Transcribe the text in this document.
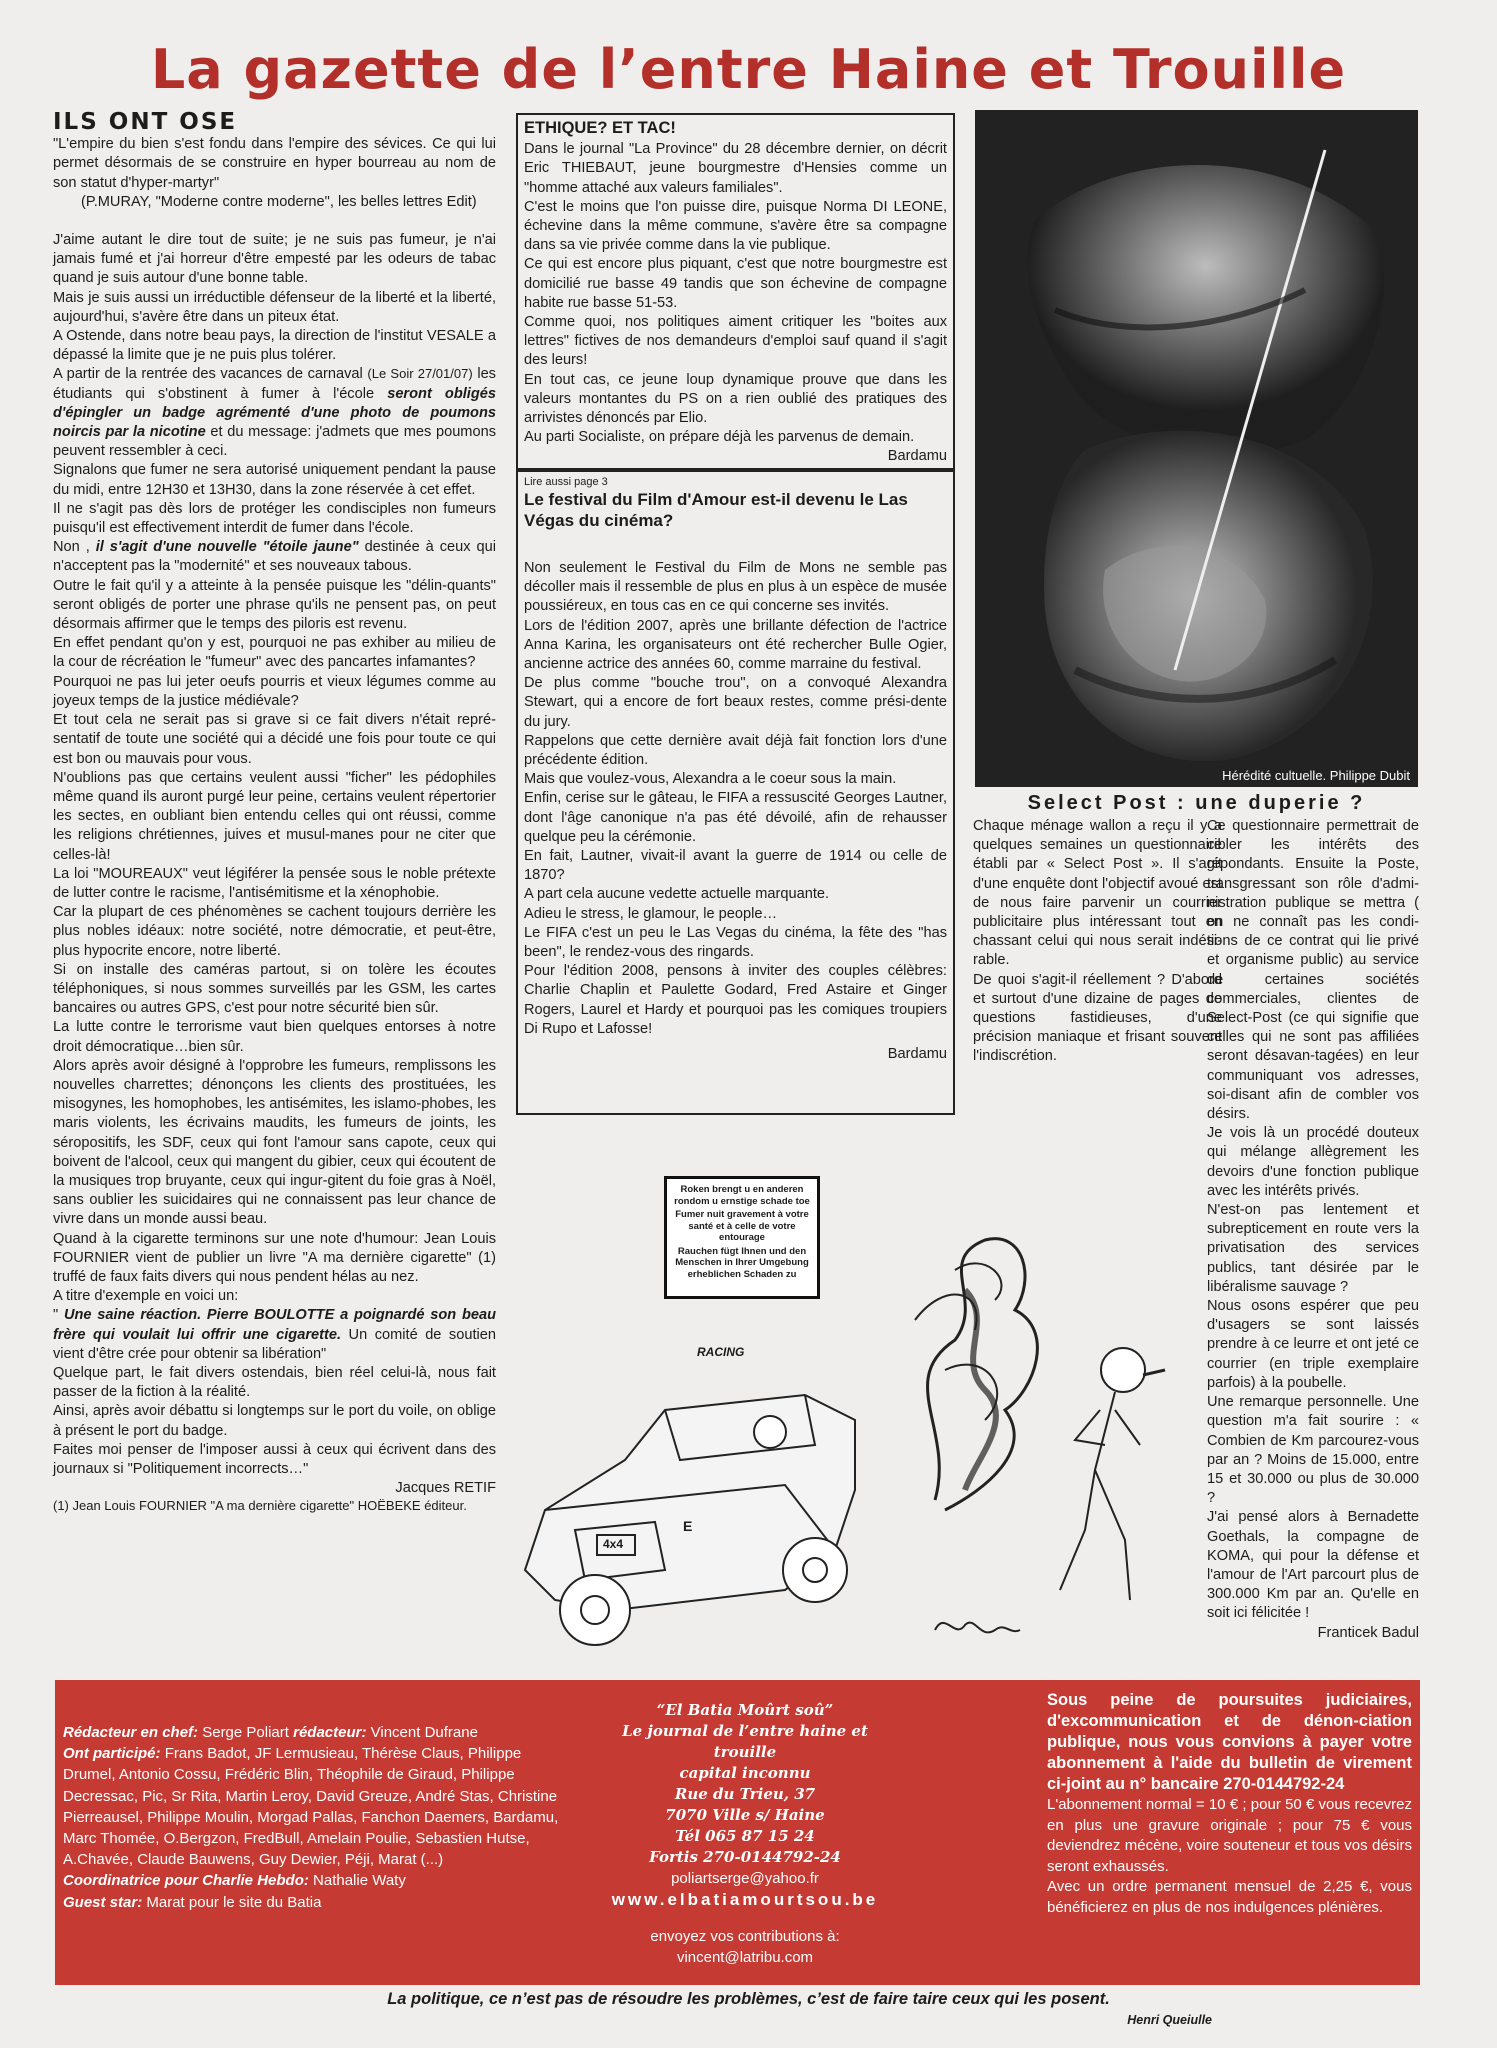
La gazette de l’entre Haine et Trouille
ILS ONT OSE

"L'empire du bien s'est fondu dans l'empire des sévices. Ce qui lui permet désormais de se construire en hyper bourreau au nom de son statut d'hyper-martyr"

(P.MURAY, "Moderne contre moderne", les belles lettres Edit)

J'aime autant le dire tout de suite; je ne suis pas fumeur, je n'ai jamais fumé et j'ai horreur d'être empesté par les odeurs de tabac quand je suis autour d'une bonne table.

Mais je suis aussi un irréductible défenseur de la liberté et la liberté, aujourd'hui, s'avère être dans un piteux état.

A Ostende, dans notre beau pays, la direction de l'institut VESALE a dépassé la limite que je ne puis plus tolérer.

A partir de la rentrée des vacances de carnaval (Le Soir 27/01/07) les étudiants qui s'obstinent à fumer à l'école seront obligés d'épingler un badge agrémenté d'une photo de poumons noircis par la nicotine et du message: j'admets que mes poumons peuvent ressembler à ceci.

Signalons que fumer ne sera autorisé uniquement pendant la pause du midi, entre 12H30 et 13H30, dans la zone réservée à cet effet.

Il ne s'agit pas dès lors de protéger les condisciples non fumeurs puisqu'il est effectivement interdit de fumer dans l'école.

Non , il s'agit d'une nouvelle "étoile jaune" destinée à ceux qui n'acceptent pas la "modernité" et ses nouveaux tabous.

Outre le fait qu'il y a atteinte à la pensée puisque les "délin-quants" seront obligés de porter une phrase qu'ils ne pensent pas, on peut désormais affirmer que le temps des piloris est revenu.

En effet pendant qu'on y est, pourquoi ne pas exhiber au milieu de la cour de récréation le "fumeur" avec des pancartes infamantes?

Pourquoi ne pas lui jeter oeufs pourris et vieux légumes comme au joyeux temps de la justice médiévale?

Et tout cela ne serait pas si grave si ce fait divers n'était repré-sentatif de toute une société qui a décidé une fois pour toute ce qui est bon ou mauvais pour vous.

N'oublions pas que certains veulent aussi "ficher" les pédophiles même quand ils auront purgé leur peine, certains veulent répertorier les sectes, en oubliant bien entendu celles qui ont réussi, comme les religions chrétiennes, juives et musul-manes pour ne citer que celles-là!

La loi "MOUREAUX" veut légiférer la pensée sous le noble prétexte de lutter contre le racisme, l'antisémitisme et la xénophobie.

Car la plupart de ces phénomènes se cachent toujours derrière les plus nobles idéaux: notre société, notre démocratie, et peut-être, plus hypocrite encore, notre liberté.

Si on installe des caméras partout, si on tolère les écoutes téléphoniques, si nous sommes surveillés par les GSM, les cartes bancaires ou autres GPS, c'est pour notre sécurité bien sûr.

La lutte contre le terrorisme vaut bien quelques entorses à notre droit démocratique…bien sûr.

Alors après avoir désigné à l'opprobre les fumeurs, remplissons les nouvelles charrettes; dénonçons les clients des prostituées, les misogynes, les homophobes, les antisémites, les islamo-phobes, les maris violents, les écrivains maudits, les fumeurs de joints, les séropositifs, les SDF, ceux qui font l'amour sans capote, ceux qui boivent de l'alcool, ceux qui mangent du gibier, ceux qui écoutent de la musiques trop bruyante, ceux qui ingur-gitent du foie gras à Noël, sans oublier les suicidaires qui ne connaissent pas leur chance de vivre dans un monde aussi beau.

Quand à la cigarette terminons sur une note d'humour: Jean Louis FOURNIER vient de publier un livre "A ma dernière cigarette" (1) truffé de faux faits divers qui nous pendent hélas au nez.

A titre d'exemple en voici un:

" Une saine réaction. Pierre BOULOTTE a poignardé son beau frère qui voulait lui offrir une cigarette. Un comité de soutien vient d'être crée pour obtenir sa libération"

Quelque part, le fait divers ostendais, bien réel celui-là, nous fait passer de la fiction à la réalité.

Ainsi, après avoir débattu si longtemps sur le port du voile, on oblige à présent le port du badge.

Faites moi penser de l'imposer aussi à ceux qui écrivent dans des journaux si "Politiquement incorrects…"

Jacques RETIF

(1) Jean Louis FOURNIER "A ma dernière cigarette" HOËBEKE éditeur.

ETHIQUE? ET TAC!

Dans le journal "La Province" du 28 décembre dernier, on décrit Eric THIEBAUT, jeune bourgmestre d'Hensies comme un "homme attaché aux valeurs familiales".

C'est le moins que l'on puisse dire, puisque Norma DI LEONE, échevine dans la même commune, s'avère être sa compagne dans sa vie privée comme dans la vie publique.

Ce qui est encore plus piquant, c'est que notre bourgmestre est domicilié rue basse 49 tandis que son échevine de compagne habite rue basse 51-53.

Comme quoi, nos politiques aiment critiquer les "boites aux lettres" fictives de nos demandeurs d'emploi sauf quand il s'agit des leurs!

En tout cas, ce jeune loup dynamique prouve que dans les valeurs montantes du PS on a rien oublié des pratiques des arrivistes dénoncés par Elio.

Au parti Socialiste, on prépare déjà les parvenus de demain.

Bardamu

Lire aussi page 3
Le festival du Film d'Amour est-il devenu le Las Végas du cinéma?

Non seulement le Festival du Film de Mons ne semble pas décoller mais il ressemble de plus en plus à un espèce de musée poussiéreux, en tous cas en ce qui concerne ses invités.

Lors de l'édition 2007, après une brillante défection de l'actrice Anna Karina, les organisateurs ont été rechercher Bulle Ogier, ancienne actrice des années 60, comme marraine du festival.

De plus comme "bouche trou", on a convoqué Alexandra Stewart, qui a encore de fort beaux restes, comme prési-dente du jury.

Rappelons que cette dernière avait déjà fait fonction lors d'une précédente édition.

Mais que voulez-vous, Alexandra a le coeur sous la main.

Enfin, cerise sur le gâteau, le FIFA a ressuscité Georges Lautner, dont l'âge canonique n'a pas été dévoilé, afin de rehausser quelque peu la cérémonie.

En fait, Lautner, vivait-il avant la guerre de 1914 ou celle de 1870?

A part cela aucune vedette actuelle marquante.

Adieu le stress, le glamour, le people…

Le FIFA c'est un peu le Las Vegas du cinéma, la fête des "has been", le rendez-vous des ringards.

Pour l'édition 2008, pensons à inviter des couples célèbres: Charlie Chaplin et Paulette Godard, Fred Astaire et Ginger Rogers, Laurel et Hardy et pourquoi pas les comiques troupiers Di Rupo et Lafosse!

Bardamu

Hérédité cultuelle. Philippe Dubit
Select Post : une duperie ?

Chaque ménage wallon a reçu il y a quelques semaines un questionnaire établi par « Select Post ». Il s'agit d'une enquête dont l'objectif avoué est de nous faire parvenir un courrier publicitaire plus intéressant tout en chassant celui qui nous serait indési-rable.

De quoi s'agit-il réellement ? D'abord et surtout d'une dizaine de pages de questions fastidieuses, d'une précision maniaque et frisant souvent l'indiscrétion.

Ce questionnaire permettrait de cibler les intérêts des répondants. Ensuite la Poste, transgressant son rôle d'admi-nistration publique se mettra ( on ne connaît pas les condi-tions de ce contrat qui lie privé et organisme public) au service de certaines sociétés commerciales, clientes de Select-Post (ce qui signifie que celles qui ne sont pas affiliées seront désavan-tagées) en leur communiquant vos adresses, soi-disant afin de combler vos désirs.

Je vois là un procédé douteux qui mélange allègrement les devoirs d'une fonction publique avec les intérêts privés.

N'est-on pas lentement et subrepticement en route vers la privatisation des services publics, tant désirée par le libéralisme sauvage ?

Nous osons espérer que peu d'usagers se sont laissés prendre à ce leurre et ont jeté ce courrier (en triple exemplaire parfois) à la poubelle.

Une remarque personnelle. Une question m'a fait sourire : « Combien de Km parcourez-vous par an ? Moins de 15.000, entre 15 et 30.000 ou plus de 30.000 ?

J'ai pensé alors à Bernadette Goethals, la compagne de KOMA, qui pour la défense et l'amour de l'Art parcourt plus de 300.000 Km par an. Qu'elle en soit ici félicitée !

Franticek Badul

RACING
E
4x4
Roken brengt u en anderen rondom u ernstige schade toe
Fumer nuit gravement à votre santé et à celle de votre entourage
Rauchen fügt Ihnen und den Menschen in Ihrer Umgebung erheblichen Schaden zu
Rédacteur en chef: Serge Poliart rédacteur: Vincent Dufrane
Ont participé: Frans Badot, JF Lermusieau, Thérèse Claus, Philippe Drumel, Antonio Cossu, Frédéric Blin, Théophile de Giraud, Philippe Decressac, Pic, Sr Rita, Martin Leroy, David Greuze, André Stas, Christine Pierreausel, Philippe Moulin, Morgad Pallas, Fanchon Daemers, Bardamu, Marc Thomée, O.Bergzon, FredBull, Amelain Poulie, Sebastien Hutse, A.Chavée, Claude Bauwens, Guy Dewier, Péji, Marat (...)
Coordinatrice pour Charlie Hebdo: Nathalie Waty
Guest star: Marat pour le site du Batia
“El Batia Moûrt soû”
Le journal de l’entre haine et trouille
capital inconnu
Rue du Trieu, 37
7070 Ville s/ Haine
Tél 065 87 15 24
Fortis 270-0144792-24
poliartserge@yahoo.fr
www.elbatiamourtsou.be
envoyez vos contributions à:
vincent@latribu.com

Sous peine de poursuites judiciaires, d'excommunication et de dénon-ciation publique, nous vous convions à payer votre abonnement à l'aide du bulletin de virement ci-joint au n° bancaire 270-0144792-24

L'abonnement normal = 10 € ; pour 50 € vous recevrez en plus une gravure originale ; pour 75 € vous deviendrez mécène, voire souteneur et tous vos désirs seront exhaussés.

Avec un ordre permanent mensuel de 2,25 €, vous bénéficierez en plus de nos indulgences plénières.

La politique, ce n’est pas de résoudre les problèmes, c’est de faire taire ceux qui les posent.
Henri Queiulle
